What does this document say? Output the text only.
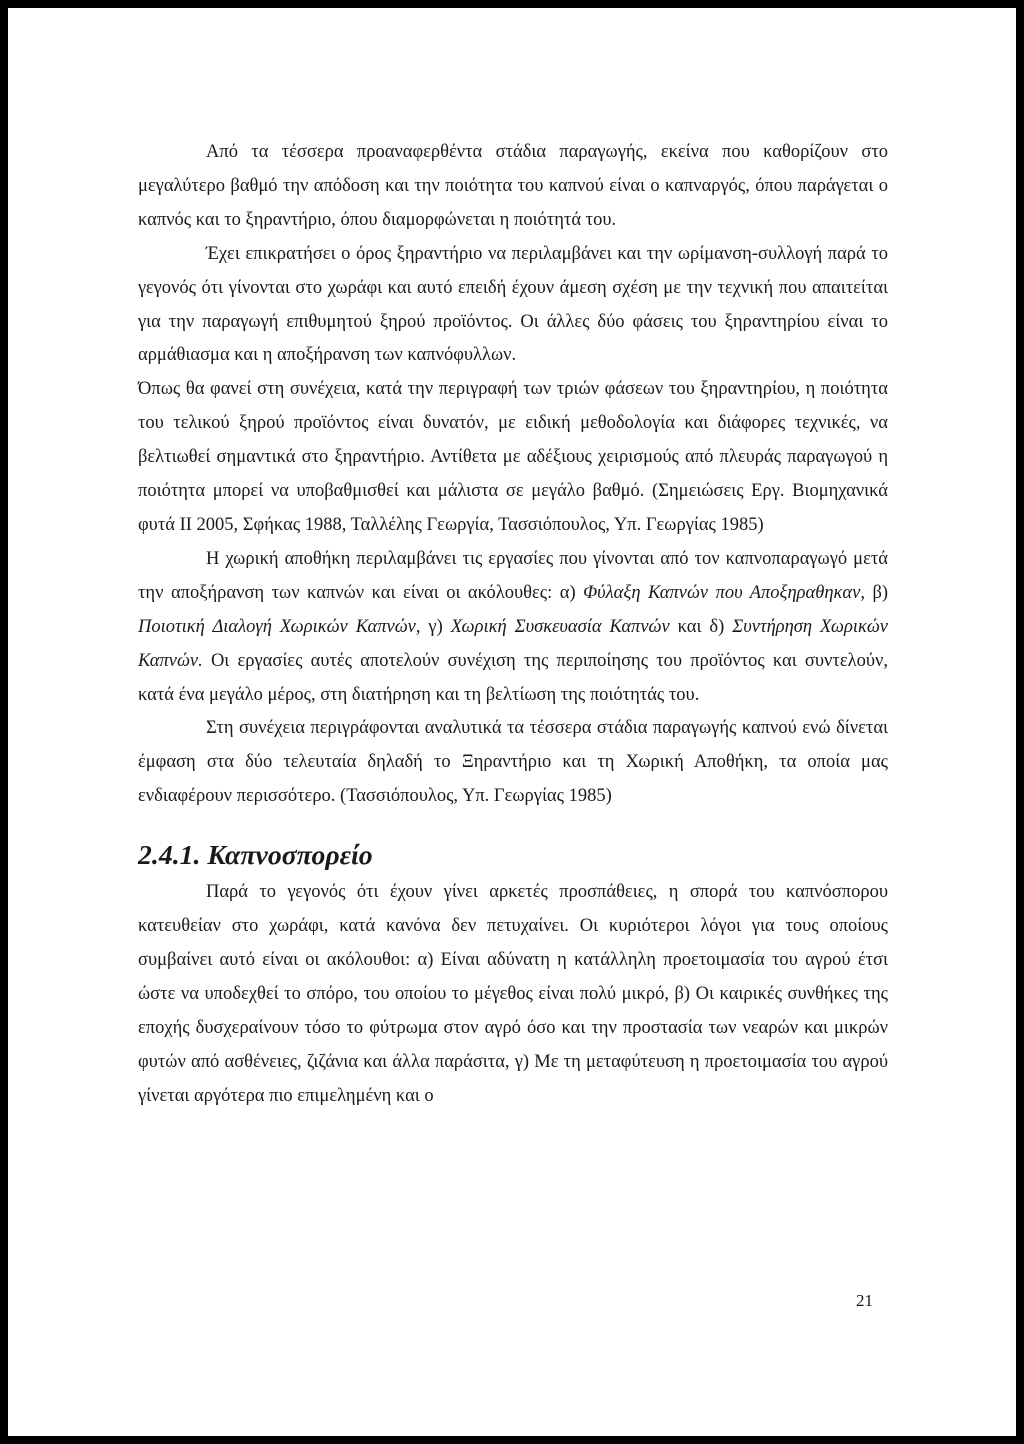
Από τα τέσσερα προαναφερθέντα στάδια παραγωγής, εκείνα που καθορίζουν στο μεγαλύτερο βαθμό την απόδοση και την ποιότητα του καπνού είναι ο καπναργός, όπου παράγεται ο καπνός και το ξηραντήριο, όπου διαμορφώνεται η ποιότητά του.

Έχει επικρατήσει ο όρος ξηραντήριο να περιλαμβάνει και την ωρίμανση-συλλογή παρά το γεγονός ότι γίνονται στο χωράφι και αυτό επειδή έχουν άμεση σχέση με την τεχνική που απαιτείται για την παραγωγή επιθυμητού ξηρού προϊόντος. Οι άλλες δύο φάσεις του ξηραντηρίου είναι το αρμάθιασμα και η αποξήρανση των καπνόφυλλων.

Όπως θα φανεί στη συνέχεια, κατά την περιγραφή των τριών φάσεων του ξηραντηρίου, η ποιότητα του τελικού ξηρού προϊόντος είναι δυνατόν, με ειδική μεθοδολογία και διάφορες τεχνικές, να βελτιωθεί σημαντικά στο ξηραντήριο. Αντίθετα με αδέξιους χειρισμούς από πλευράς παραγωγού η ποιότητα μπορεί να υποβαθμισθεί και μάλιστα σε μεγάλο βαθμό. (Σημειώσεις Εργ. Βιομηχανικά φυτά ΙΙ 2005, Σφήκας 1988, Ταλλέλης Γεωργία, Τασσιόπουλος, Υπ. Γεωργίας 1985)

Η χωρική αποθήκη περιλαμβάνει τις εργασίες που γίνονται από τον καπνοπαραγωγό μετά την αποξήρανση των καπνών και είναι οι ακόλουθες: α) Φύλαξη Καπνών που Αποξηραθηκαν, β) Ποιοτική Διαλογή Χωρικών Καπνών, γ) Χωρική Συσκευασία Καπνών και δ) Συντήρηση Χωρικών Καπνών. Οι εργασίες αυτές αποτελούν συνέχιση της περιποίησης του προϊόντος και συντελούν, κατά ένα μεγάλο μέρος, στη διατήρηση και τη βελτίωση της ποιότητάς του.

Στη συνέχεια περιγράφονται αναλυτικά τα τέσσερα στάδια παραγωγής καπνού ενώ δίνεται έμφαση στα δύο τελευταία δηλαδή το Ξηραντήριο και τη Χωρική Αποθήκη, τα οποία μας ενδιαφέρουν περισσότερο. (Τασσιόπουλος, Υπ. Γεωργίας 1985)

2.4.1. Καπνοσπορείο

Παρά το γεγονός ότι έχουν γίνει αρκετές προσπάθειες, η σπορά του καπνόσπορου κατευθείαν στο χωράφι, κατά κανόνα δεν πετυχαίνει. Οι κυριότεροι λόγοι για τους οποίους συμβαίνει αυτό είναι οι ακόλουθοι: α) Είναι αδύνατη η κατάλληλη προετοιμασία του αγρού έτσι ώστε να υποδεχθεί το σπόρο, του οποίου το μέγεθος είναι πολύ μικρό, β) Οι καιρικές συνθήκες της εποχής δυσχεραίνουν τόσο το φύτρωμα στον αγρό όσο και την προστασία των νεαρών και μικρών φυτών από ασθένειες, ζιζάνια και άλλα παράσιτα, γ) Με τη μεταφύτευση η προετοιμασία του αγρού γίνεται αργότερα πιο επιμελημένη και ο

21
